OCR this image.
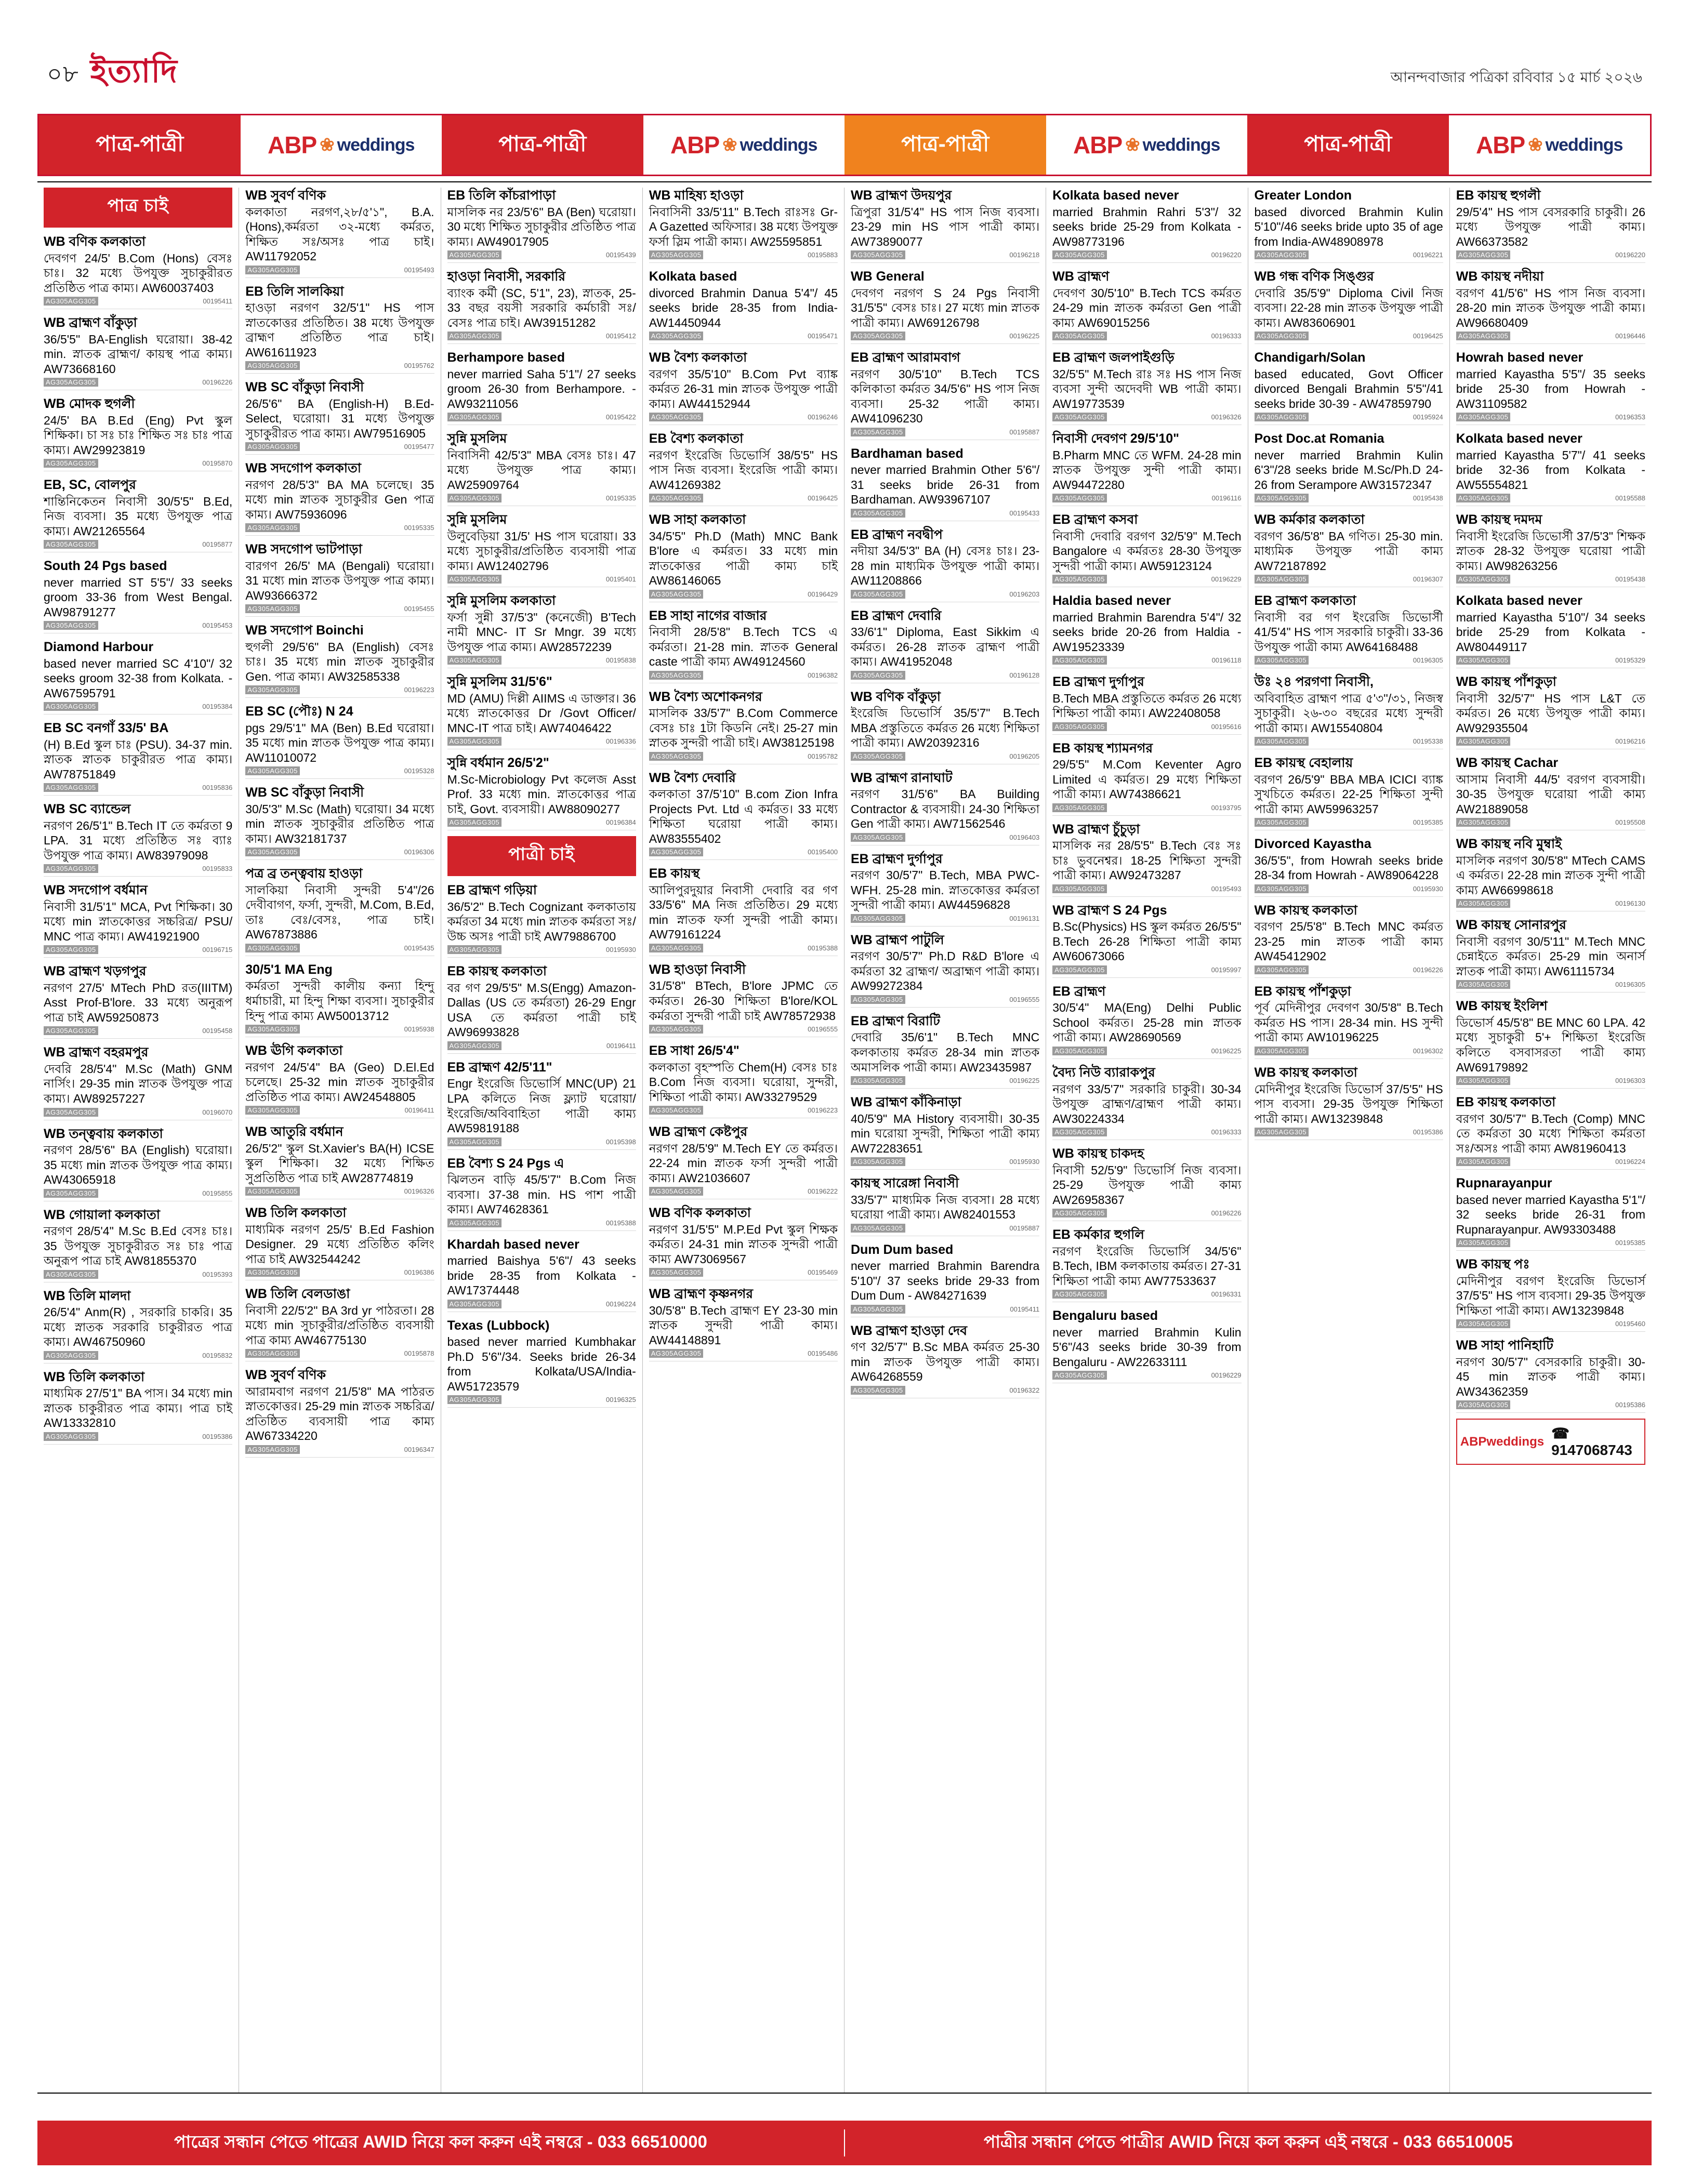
০৮ ইত্যাদি	আনন্দবাজার পত্রিকা রবিবার ১৫ মার্চ ২০২৬
পাত্র-পাত্রী	ABP ❀ weddings	পাত্র-পাত্রী	ABP ❀ weddings	পাত্র-পাত্রী	ABP ❀ weddings	পাত্র-পাত্রী	ABP ❀ weddings
পাত্র চাই
WB বণিক কলকাতা
দেবগণ 24/5' B.Com (Hons) বেসঃ চাঃ। 32 মধ্যে উপযুক্ত সুচাকুরীরত প্রতিষ্ঠিত পাত্র কাম্য। AW60037403
AG305AGG305	00195411
WB ব্রাহ্মণ বাঁকুড়া
36/5'5" BA-English ঘরোয়া। 38-42 min. স্নাতক ব্রাহ্মণ/ কায়স্থ পাত্র কাম্য। AW73668160
AG305AGG305	00196226
WB মোদক হুগলী
24/5' BA B.Ed (Eng) Pvt স্কুল শিক্ষিকা। চা সঃ চাঃ শিক্ষিত সঃ চাঃ পাত্র কাম্য। AW29923819
AG305AGG305	00195870
EB, SC, বোলপুর
শান্তিনিকেতন নিবাসী 30/5'5" B.Ed, নিজ ব্যবসা। 35 মধ্যে উপযুক্ত পাত্র কাম্য। AW21265564
AG305AGG305	00195877
South 24 Pgs based
never married ST 5'5"/ 33 seeks groom 33-36 from West Bengal. AW98791277
AG305AGG305	00195453
Diamond Harbour
based never married SC 4'10"/ 32 seeks groom 32-38 from Kolkata. - AW67595791
AG305AGG305	00195384
EB SC বনগাঁ 33/5' BA
(H) B.Ed স্কুল চাঃ (PSU). 34-37 min. স্নাতক স্নাতক চাকুরীরত পাত্র কাম্য। AW78751849
AG305AGG305	00195836
WB SC ব্যান্ডেল
নরগণ 26/5'1" B.Tech IT তে কর্মরতা 9 LPA. 31 মধ্যে প্রতিষ্ঠিত সঃ ব্যাঃ উপযুক্ত পাত্র কাম্য। AW83979098
AG305AGG305	00195833
WB সদগোপ বর্ধমান
নিবাসী 31/5'1" MCA, Pvt শিক্ষিকা। 30 মধ্যে min স্নাতকোত্তর সচ্চরিত্র/ PSU/ MNC পাত্র কাম্য। AW41921900
AG305AGG305	00196715
WB ব্রাহ্মণ খড়গপুর
নরগণ 27/5' MTech PhD রত(IIITM) Asst Prof-B'lore. 33 মধ্যে অনুরূপ পাত্র চাই AW59250873
AG305AGG305	00195458
WB ব্রাহ্মণ বহরমপুর
দেবরি 28/5'4" M.Sc (Math) GNM নার্সিং। 29-35 min স্নাতক উপযুক্ত পাত্র কাম্য। AW89257227
AG305AGG305	00196070
WB তন্ত্ববায় কলকাতা
নরগণ 28/5'6" BA (English) ঘরোয়া। 35 মধ্যে min স্নাতক উপযুক্ত পাত্র কাম্য। AW43065918
AG305AGG305	00195855
WB গোয়ালা কলকাতা
নরগণ 28/5'4" M.Sc B.Ed বেসঃ চাঃ। 35 উপযুক্ত সুচাকুরীরত সঃ চাঃ পাত্র অনুরূপ পাত্র চাই AW81855370
AG305AGG305	00195393
WB তিলি মালদা
26/5'4" Anm(R) , সরকারি চাকরি। 35 মধ্যে স্নাতক সরকারি চাকুরীরত পাত্র কাম্য। AW46750960
AG305AGG305	00195832
WB তিলি কলকাতা
মাধ্যমিক 27/5'1" BA পাস। 34 মধ্যে min স্নাতক চাকুরীরত পাত্র কাম্য। পাত্র চাই AW13332810
AG305AGG305	00195386
WB সুবর্ণ বণিক
কলকাতা নরগণ,২৮/৫'১", B.A.(Hons),কর্মরতা ৩২-মধ্যে কর্মরত, শিক্ষিত সঃ/অসঃ পাত্র চাই। AW11792052
AG305AGG305	00195493
EB তিলি সালকিয়া
হাওড়া নরগণ 32/5'1" HS পাস স্নাতকোত্তর প্রতিষ্ঠিত। 38 মধ্যে উপযুক্ত ব্রাহ্মণ প্রতিষ্ঠিত পাত্র চাই। AW61611923
AG305AGG305	00195762
WB SC বাঁকুড়া নিবাসী
26/5'6" BA (English-H) B.Ed- Select, ঘরোয়া। 31 মধ্যে উপযুক্ত সুচাকুরীরত পাত্র কাম্য। AW79516905
AG305AGG305	00195477
WB সদগোপ কলকাতা
নরগণ 28/5'3" BA MA চলেছে। 35 মধ্যে min স্নাতক সুচাকুরীর Gen পাত্র কাম্য। AW75936096
AG305AGG305	00195335
WB সদগোপ ভাটপাড়া
বারগণ 26/5' MA (Bengali) ঘরোয়া। 31 মধ্যে min স্নাতক উপযুক্ত পাত্র কাম্য। AW93666372
AG305AGG305	00195455
WB সদগোপ Boinchi
হুগলী 29/5'6" BA (English) বেসঃ চাঃ। 35 মধ্যে min স্নাতক সুচাকুরীর Gen. পাত্র কাম্য। AW32585338
AG305AGG305	00196223
EB SC (পৌঃ) N 24
pgs 29/5'1" MA (Ben) B.Ed ঘরোয়া। 35 মধ্যে min স্নাতক উপযুক্ত পাত্র কাম্য। AW11010072
AG305AGG305	00195328
WB SC বাঁকুড়া নিবাসী
30/5'3" M.Sc (Math) ঘরোয়া। 34 মধ্যে min স্নাতক সুচাকুরীর প্রতিষ্ঠিত পাত্র কাম্য। AW32181737
AG305AGG305	00196306
পত্র ব্র তন্ত্ববায় হাওড়া
সালকিয়া নিবাসী সুন্দরী 5'4"/26 দেবীবাগণ, ফর্সা, সুন্দরী, M.Com, B.Ed, তাঃ বেঃ/বেসঃ, পাত্র চাই। AW67873886
AG305AGG305	00195435
30/5'1 MA Eng
কর্মরতা সুন্দরী কালীয় কন্যা হিন্দু ধর্মাচারী, মা হিন্দু শিক্ষা ব্যবসা। সুচাকুরীর হিন্দু পাত্র কাম্য AW50013712
AG305AGG305	00195938
WB ঊগি কলকাতা
নরগণ 24/5'4" BA (Geo) D.El.Ed চলেছে। 25-32 min স্নাতক সুচাকুরীর প্রতিষ্ঠিত পাত্র কাম্য। AW24548805
AG305AGG305	00196411
WB আতুরি বর্ধমান
26/5'2" স্কুল St.Xavier's BA(H) ICSE স্কুল শিক্ষিকা। 32 মধ্যে শিক্ষিত সুপ্রতিষ্ঠিত পাত্র চাই AW28774819
AG305AGG305	00196326
WB তিলি কলকাতা
মাধ্যমিক নরগণ 25/5' B.Ed Fashion Designer. 29 মধ্যে প্রতিষ্ঠিত কলিং পাত্র চাই AW32544242
AG305AGG305	00196386
WB তিলি বেলডাঙা
নিবাসী 22/5'2" BA 3rd yr পাঠরতা। 28 মধ্যে min সুচাকুরীর/প্রতিষ্ঠিত ব্যবসায়ী পাত্র কাম্য AW46775130
AG305AGG305	00195878
WB সুবর্ণ বণিক
আরামবাগ নরগণ 21/5'8" MA পাঠরত স্নাতকোত্তর। 25-29 min স্নাতক সচ্চরিত্র/ প্রতিষ্ঠিত ব্যবসায়ী পাত্র কাম্য AW67334220
AG305AGG305	00196347
EB তিলি কাঁচরাপাড়া
মাসলিক নর 23/5'6" BA (Ben) ঘরোয়া। 30 মধ্যে শিক্ষিত সুচাকুরীর প্রতিষ্ঠিত পাত্র কাম্য। AW49017905
AG305AGG305	00195439
হাওড়া নিবাসী, সরকারি
ব্যাংক কর্মী (SC, 5'1", 23), স্নাতক, 25-33 বছর বয়সী সরকারি কর্মচারী সঃ/বেসঃ পাত্র চাই। AW39151282
AG305AGG305	00195412
Berhampore based
never married Saha 5'1"/ 27 seeks groom 26-30 from Berhampore. - AW93211056
AG305AGG305	00195422
সুন্নি মুসলিম
নিবাসিনী 42/5'3" MBA বেসঃ চাঃ। 47 মধ্যে উপযুক্ত পাত্র কাম্য। AW25909764
AG305AGG305	00195335
সুন্নি মুসলিম
উলুবেড়িয়া 31/5' HS পাস ঘরোয়া। 33 মধ্যে সুচাকুরীর/প্রতিষ্ঠিত ব্যবসায়ী পাত্র কাম্য। AW12402796
AG305AGG305	00195401
সুন্নি মুসলিম কলকাতা
ফর্সা সুন্নী 37/5'3" (কনেজেী) B'Tech নামী MNC- IT Sr Mngr. 39 মধ্যে উপযুক্ত পাত্র কাম্য। AW28572239
AG305AGG305	00195838
সুন্নি মুসলিম 31/5'6"
MD (AMU) দিল্লী AIIMS এ ডাক্তার। 36 মধ্যে স্নাতকোত্তর Dr /Govt Officer/ MNC-IT পাত্র চাই। AW74046422
AG305AGG305	00196336
সুন্নি বর্ধমান 26/5'2"
M.Sc-Microbiology Pvt কলেজ Asst Prof. 33 মধ্যে min. স্নাতকোত্তর পাত্র চাই, Govt. ব্যবসায়ী। AW88090277
AG305AGG305	00196384
পাত্রী চাই
EB ব্রাহ্মণ গড়িয়া
36/5'2" B.Tech Cognizant কলকাতায় কর্মরতা 34 মধ্যে min স্নাতক কর্মরতা সঃ/উচ্চ অসঃ পাত্রী চাই AW79886700
AG305AGG305	00195930
EB কায়স্থ কলকাতা
বর গণ 29/5'5" M.S(Engg) Amazon-Dallas (US তে কর্মরতা) 26-29 Engr USA তে কর্মরতা পাত্রী চাই AW96993828
AG305AGG305	00196411
EB ব্রাহ্মণ 42/5'11"
Engr ইংরেজি ডিভোর্সি MNC(UP) 21 LPA কলিতে নিজ ফ্ল্যাট ঘরোয়া/ ইংরেজি/অবিবাহিতা পাত্রী কাম্য AW59819188
AG305AGG305	00195398
EB বৈশ্য S 24 Pgs এ
ঝিলতন বাড়ি 45/5'7" B.Com নিজ ব্যবসা। 37-38 min. HS পাশ পাত্রী কাম্য। AW74628361
AG305AGG305	00195388
Khardah based never
married Baishya 5'6"/ 43 seeks bride 28-35 from Kolkata - AW17374448
AG305AGG305	00196224
Texas (Lubbock)
based never married Kumbhakar Ph.D 5'6"/34. Seeks bride 26-34 from Kolkata/USA/India-AW51723579
AG305AGG305	00196325
WB মাহিষ্য হাওড়া
নিবাসিনী 33/5'11" B.Tech রাঃসঃ Gr-A Gazetted অফিসার। 38 মধ্যে উপযুক্ত ফর্সা স্লিম পাত্রী কাম্য। AW25595851
AG305AGG305	00195883
Kolkata based
divorced Brahmin Danua 5'4"/ 45 seeks bride 28-35 from India-AW14450944
AG305AGG305	00195471
WB বৈশ্য কলকাতা
বরগণ 35/5'10" B.Com Pvt ব্যাঙ্ক কর্মরত 26-31 min স্নাতক উপযুক্ত পাত্রী কাম্য। AW44152944
AG305AGG305	00196246
EB বৈশ্য কলকাতা
নরগণ ইংরেজি ডিভোর্সি 38/5'5" HS পাস নিজ ব্যবসা। ইংরেজি পাত্রী কাম্য। AW41269382
AG305AGG305	00196425
WB সাহা কলকাতা
34/5'5" Ph.D (Math) MNC Bank B'lore এ কর্মরত। 33 মধ্যে min স্নাতকোত্তর পাত্রী কাম্য চাই AW86146065
AG305AGG305	00196429
EB সাহা নাগের বাজার
নিবাসী 28/5'8" B.Tech TCS এ কর্মরতা। 21-28 min. স্নাতক General caste পাত্রী কাম্য AW49124560
AG305AGG305	00196382
WB বৈশ্য অশোকনগর
মাসলিক 33/5'7" B.Com Commerce বেসঃ চাঃ 1টা কিডনি নেই। 25-27 min স্নাতক সুন্দরী পাত্রী চাই। AW38125198
AG305AGG305	00195782
WB বৈশ্য দেবারি
কলকাতা 37/5'10" B.com Zion Infra Projects Pvt. Ltd এ কর্মরত। 33 মধ্যে শিক্ষিতা ঘরোয়া পাত্রী কাম্য। AW83555402
AG305AGG305	00195400
EB কায়স্থ
আলিপুরদুয়ার নিবাসী দেবারি বর গণ 33/5'6" MA নিজ প্রতিষ্ঠিত। 29 মধ্যে min স্নাতক ফর্সা সুন্দরী পাত্রী কাম্য। AW79161224
AG305AGG305	00195388
WB হাওড়া নিবাসী
31/5'8" BTech, B'lore JPMC তে কর্মরত। 26-30 শিক্ষিতা B'lore/KOL কর্মরতা সুন্দরী পাত্রী চাই AW78572938
AG305AGG305	00196555
EB সাধা 26/5'4"
কলকাতা বৃহস্পতি Chem(H) বেসঃ চাঃ B.Com নিজ ব্যবসা। ঘরোয়া, সুন্দরী, শিক্ষিতা পাত্রী কাম্য। AW33279529
AG305AGG305	00196223
WB ব্রাহ্মণ কেষ্টপুর
নরগণ 28/5'9" M.Tech EY তে কর্মরত। 22-24 min স্নাতক ফর্সা সুন্দরী পাত্রী কাম্য। AW21036607
AG305AGG305	00196222
WB বণিক কলকাতা
নরগণ 31/5'5" M.P.Ed Pvt স্কুল শিক্ষক কর্মরত। 24-31 min স্নাতক সুন্দরী পাত্রী কাম্য AW73069567
AG305AGG305	00195469
WB ব্রাহ্মণ কৃষ্ণনগর
30/5'8" B.Tech ব্রাহ্মণ EY 23-30 min স্নাতক সুন্দরী পাত্রী কাম্য। AW44148891
AG305AGG305	00195486
WB ব্রাহ্মণ উদয়পুর
ত্রিপুরা 31/5'4" HS পাস নিজ ব্যবসা। 23-29 min HS পাস পাত্রী কাম্য। AW73890077
AG305AGG305	00196218
WB General
দেবগণ নরগণ S 24 Pgs নিবাসী 31/5'5" বেসঃ চাঃ। 27 মধ্যে min স্নাতক পাত্রী কাম্য। AW69126798
AG305AGG305	00196225
EB ব্রাহ্মণ আরামবাগ
নরগণ 30/5'10" B.Tech TCS কলিকাতা কর্মরত 34/5'6" HS পাস নিজ ব্যবসা। 25-32 পাত্রী কাম্য। AW41096230
AG305AGG305	00195887
Bardhaman based
never married Brahmin Other 5'6"/ 31 seeks bride 26-31 from Bardhaman. AW93967107
AG305AGG305	00195433
EB ব্রাহ্মণ নবদ্বীপ
নদীয়া 34/5'3" BA (H) বেসঃ চাঃ। 23-28 min মাধ্যমিক উপযুক্ত পাত্রী কাম্য। AW11208866
AG305AGG305	00196203
EB ব্রাহ্মণ দেবারি
33/6'1" Diploma, East Sikkim এ কর্মরত। 26-28 স্নাতক ব্রাহ্মণ পাত্রী কাম্য। AW41952048
AG305AGG305	00196128
WB বণিক বাঁকুড়া
ইংরেজি ডিভোর্সি 35/5'7" B.Tech MBA প্রস্তুতিতে কর্মরত 26 মধ্যে শিক্ষিতা পাত্রী কাম্য। AW20392316
AG305AGG305	00196205
WB ব্রাহ্মণ রানাঘাট
নরগণ 31/5'6" BA Building Contractor & ব্যবসায়ী। 24-30 শিক্ষিতা Gen পাত্রী কাম্য। AW71562546
AG305AGG305	00196403
EB ব্রাহ্মণ দুর্গাপুর
নরগণ 30/5'7" B.Tech, MBA PWC- WFH. 25-28 min. স্নাতকোত্তর কর্মরতা সুন্দরী পাত্রী কাম্য। AW44596828
AG305AGG305	00196131
WB ব্রাহ্মণ পাটুলি
নরগণ 30/5'7" Ph.D R&D B'lore এ কর্মরতা 32 ব্রাহ্মণ/ অব্রাহ্মণ পাত্রী কাম্য। AW99272384
AG305AGG305	00196555
EB ব্রাহ্মণ বিরাটি
দেবারি 35/6'1" B.Tech MNC কলকাতায় কর্মরত 28-34 min স্নাতক অমাসলিক পাত্রী কাম্য। AW23435987
AG305AGG305	00196225
WB ব্রাহ্মণ কাঁকিনাড়া
40/5'9" MA History ব্যবসায়ী। 30-35 min ঘরোয়া সুন্দরী, শিক্ষিতা পাত্রী কাম্য AW72283651
AG305AGG305	00195930
কায়স্থ সারেঙ্গা নিবাসী
33/5'7" মাধ্যমিক নিজ ব্যবসা। 28 মধ্যে ঘরোয়া পাত্রী কাম্য। AW82401553
AG305AGG305	00195887
Dum Dum based
never married Brahmin Barendra 5'10"/ 37 seeks bride 29-33 from Dum Dum - AW84271639
AG305AGG305	00195411
WB ব্রাহ্মণ হাওড়া দেব
গণ 32/5'7" B.Sc MBA কর্মরত 25-30 min স্নাতক উপযুক্ত পাত্রী কাম্য। AW64268559
AG305AGG305	00196322
Kolkata based never
married Brahmin Rahri 5'3"/ 32 seeks bride 25-29 from Kolkata - AW98773196
AG305AGG305	00196220
WB ব্রাহ্মণ
দেবগণ 30/5'10" B.Tech TCS কর্মরত 24-29 min স্নাতক কর্মরতা Gen পাত্রী কাম্য AW69015256
AG305AGG305	00196333
EB ব্রাহ্মণ জলপাইগুড়ি
32/5'5" M.Tech রাঃ সঃ HS পাস নিজ ব্যবসা সুন্দী অদেবদী WB পাত্রী কাম্য। AW19773539
AG305AGG305	00196326
নিবাসী দেবগণ 29/5'10"
B.Pharm MNC তে WFM. 24-28 min স্নাতক উপযুক্ত সুন্দী পাত্রী কাম্য। AW94472280
AG305AGG305	00196116
EB ব্রাহ্মণ কসবা
নিবাসী দেবারি বরগণ 32/5'9" M.Tech Bangalore এ কর্মরতঃ 28-30 উপযুক্ত সুন্দরী পাত্রী কাম্য। AW59123124
AG305AGG305	00196229
Haldia based never
married Brahmin Barendra 5'4"/ 32 seeks bride 20-26 from Haldia - AW19523339
AG305AGG305	00196118
EB ব্রাহ্মণ দুর্গাপুর
B.Tech MBA প্রস্তুতিতে কর্মরত 26 মধ্যে শিক্ষিতা পাত্রী কাম্য। AW22408058
AG305AGG305	00195616
EB কায়স্থ শ্যামনগর
29/5'5" M.Com Keventer Agro Limited এ কর্মরত। 29 মধ্যে শিক্ষিতা পাত্রী কাম্য। AW74386621
AG305AGG305	00193795
WB ব্রাহ্মণ চুঁচুড়া
মাসলিক নর 28/5'5" B.Tech বেঃ সঃ চাঃ ভুবনেশ্বর। 18-25 শিক্ষিতা সুন্দরী পাত্রী কাম্য। AW92473287
AG305AGG305	00195493
WB ব্রাহ্মণ S 24 Pgs
B.Sc(Physics) HS স্কুল কর্মরত 26/5'5" B.Tech 26-28 শিক্ষিতা পাত্রী কাম্য AW60673066
AG305AGG305	00195997
EB ব্রাহ্মণ
30/5'4" MA(Eng) Delhi Public School কর্মরত। 25-28 min স্নাতক পাত্রী কাম্য। AW28690569
AG305AGG305	00196225
বৈদ্য নিউ ব্যারাকপুর
নরগণ 33/5'7" সরকারি চাকুরী। 30-34 উপযুক্ত ব্রাহ্মণ/ব্রাহ্মণ পাত্রী কাম্য। AW30224334
AG305AGG305	00196333
WB কায়স্থ চাকদহ
নিবাসী 52/5'9" ডিভোর্সি নিজ ব্যবসা। 25-29 উপযুক্ত পাত্রী কাম্য AW26958367
AG305AGG305	00196226
EB কর্মকার হুগলি
নরগণ ইংরেজি ডিভোর্সি 34/5'6" B.Tech, IBM কলকাতায় কর্মরত। 27-31 শিক্ষিতা পাত্রী কাম্য AW77533637
AG305AGG305	00196331
Bengaluru based
never married Brahmin Kulin 5'6"/43 seeks bride 30-39 from Bengaluru - AW22633111
AG305AGG305	00196229
Greater London
based divorced Brahmin Kulin 5'10"/46 seeks bride upto 35 of age from India-AW48908978
AG305AGG305	00196221
WB গন্ধ বণিক সিঙ্গুর
দেবারি 35/5'9" Diploma Civil নিজ ব্যবসা। 22-28 min স্নাতক উপযুক্ত পাত্রী কাম্য। AW83606901
AG305AGG305	00196425
Chandigarh/Solan
based educated, Govt Officer divorced Bengali Brahmin 5'5"/41 seeks bride 30-39 - AW47859790
AG305AGG305	00195924
Post Doc.at Romania
never married Brahmin Kulin 6'3"/28 seeks bride M.Sc/Ph.D 24-26 from Serampore AW31572347
AG305AGG305	00195438
WB কর্মকার কলকাতা
বরগণ 36/5'8" BA গণিত। 25-30 min. মাধ্যমিক উপযুক্ত পাত্রী কাম্য AW72187892
AG305AGG305	00196307
EB ব্রাহ্মণ কলকাতা
নিবাসী বর গণ ইংরেজি ডিভোর্সী 41/5'4" HS পাস সরকারি চাকুরী। 33-36 উপযুক্ত পাত্রী কাম্য AW64168488
AG305AGG305	00196305
উঃ ২৪ পরগণা নিবাসী,
অবিবাহিত ব্রাহ্মণ পাত্র ৫'৩''/৩১, নিজস্ব সুচাকুরী। ২৬-৩০ বছরের মধ্যে সুন্দরী পাত্রী কাম্য। AW15540804
AG305AGG305	00195338
EB কায়স্থ বেহালায়
বরগণ 26/5'9" BBA MBA ICICI ব্যাঙ্ক সুখচিতে কর্মরত। 22-25 শিক্ষিতা সুন্দী পাত্রী কাম্য AW59963257
AG305AGG305	00195385
Divorced Kayastha
36/5'5", from Howrah seeks bride 28-34 from Howrah - AW89064228
AG305AGG305	00195930
WB কায়স্থ কলকাতা
বরগণ 25/5'8" B.Tech MNC কর্মরত 23-25 min স্নাতক পাত্রী কাম্য AW45412902
AG305AGG305	00196226
EB কায়স্থ পাঁশকুড়া
পূর্ব মেদিনীপুর দেবগণ 30/5'8" B.Tech কর্মরত HS পাস। 28-34 min. HS সুন্দী পাত্রী কাম্য AW10196225
AG305AGG305	00196302
WB কায়স্থ কলকাতা
মেদিনীপুর ইংরেজি ডিভোর্স 37/5'5" HS পাস ব্যবসা। 29-35 উপযুক্ত শিক্ষিতা পাত্রী কাম্য। AW13239848
AG305AGG305	00195386
EB কায়স্থ হুগলী
29/5'4" HS পাস বেসরকারি চাকুরী। 26 মধ্যে উপযুক্ত পাত্রী কাম্য। AW66373582
AG305AGG305	00196220
WB কায়স্থ নদীয়া
বরগণ 41/5'6" HS পাস নিজ ব্যবসা। 28-20 min স্নাতক উপযুক্ত পাত্রী কাম্য। AW96680409
AG305AGG305	00196446
Howrah based never
married Kayastha 5'5"/ 35 seeks bride 25-30 from Howrah - AW31109582
AG305AGG305	00196353
Kolkata based never
married Kayastha 5'7"/ 41 seeks bride 32-36 from Kolkata - AW55554821
AG305AGG305	00195588
WB কায়স্থ দমদম
নিবাসী ইংরেজি ডিভোর্সী 37/5'3" শিক্ষক স্নাতক 28-32 উপযুক্ত ঘরোয়া পাত্রী কাম্য। AW98263256
AG305AGG305	00195438
Kolkata based never
married Kayastha 5'10"/ 34 seeks bride 25-29 from Kolkata - AW80449117
AG305AGG305	00195329
WB কায়স্থ পাঁশকুড়া
নিবাসী 32/5'7" HS পাস L&T তে কর্মরত। 26 মধ্যে উপযুক্ত পাত্রী কাম্য। AW92935504
AG305AGG305	00196216
WB কায়স্থ Cachar
আসাম নিবাসী 44/5' বরগণ ব্যবসায়ী। 30-35 উপযুক্ত ঘরোয়া পাত্রী কাম্য AW21889058
AG305AGG305	00195508
WB কায়স্থ নবি মুম্বাই
মাসলিক নরগণ 30/5'8" MTech CAMS এ কর্মরত। 22-28 min স্নাতক সুন্দী পাত্রী কাম্য AW66998618
AG305AGG305	00196130
WB কায়স্থ সোনারপুর
নিবাসী বরগণ 30/5'11" M.Tech MNC চেন্নাইতে কর্মরত। 25-29 min অনার্স স্নাতক পাত্রী কাম্য। AW61115734
AG305AGG305	00196305
WB কায়স্থ ইংলিশ
ডিভোর্স 45/5'8" BE MNC 60 LPA. 42 মধ্যে সুচাকুরী 5'+ শিক্ষিতা ইংরেজি কলিতে বসবাসরতা পাত্রী কাম্য AW69179892
AG305AGG305	00196303
EB কায়স্থ কলকাতা
বরগণ 30/5'7" B.Tech (Comp) MNC তে কর্মরতা 30 মধ্যে শিক্ষিতা কর্মরতা সঃ/অসঃ পাত্রী কাম্য AW81960413
AG305AGG305	00196224
Rupnarayanpur
based never married Kayastha 5'1"/ 32 seeks bride 26-31 from Rupnarayanpur. AW93303488
AG305AGG305	00195385
WB কায়স্থ পঃ
মেদিনীপুর বরগণ ইংরেজি ডিভোর্স 37/5'5" HS পাস ব্যবসা। 29-35 উপযুক্ত শিক্ষিতা পাত্রী কাম্য। AW13239848
AG305AGG305	00195460
WB সাহা পানিহাটি
নরগণ 30/5'7" বেসরকারি চাকুরী। 30-45 min স্নাতক পাত্রী কাম্য। AW34362359
AG305AGG305	00195386
ABPweddings ☎ 9147068743
পাত্রের সন্ধান পেতে পাত্রের AWID নিয়ে কল করুন এই নম্বরে - 033 66510000	পাত্রীর সন্ধান পেতে পাত্রীর AWID নিয়ে কল করুন এই নম্বরে - 033 66510005
